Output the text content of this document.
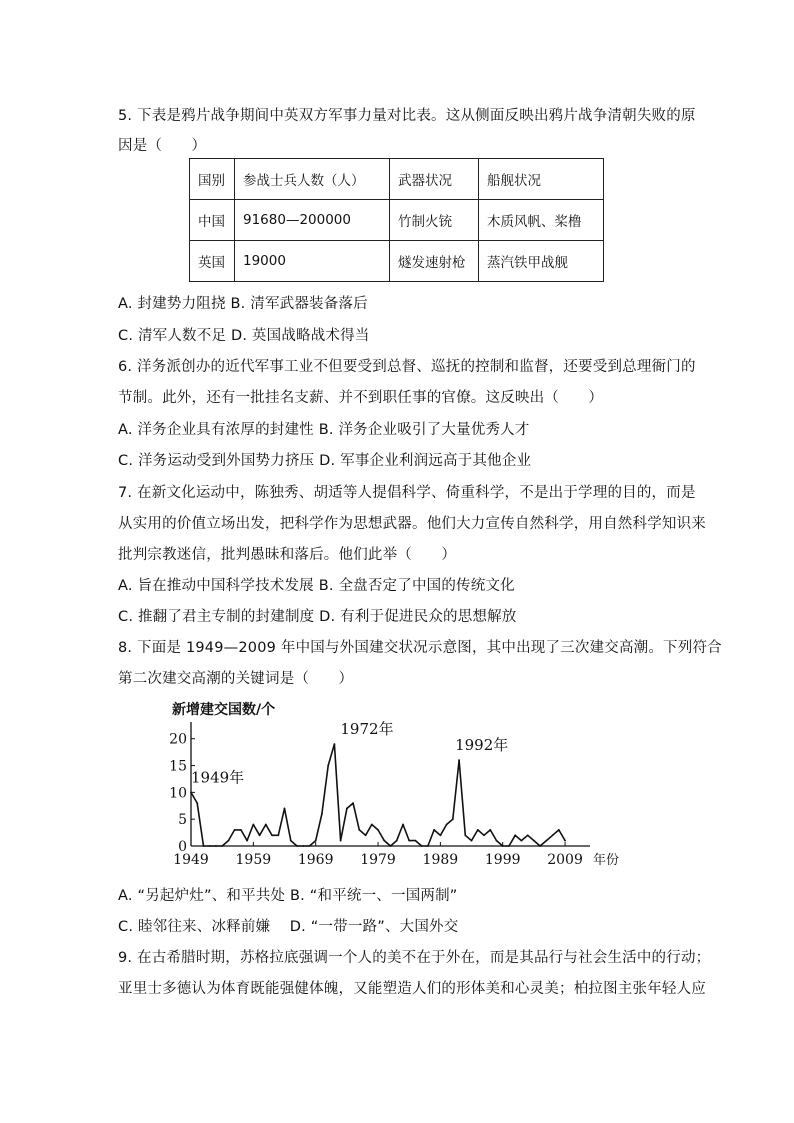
5. 下表是鸦片战争期间中英双方军事力量对比表。这从侧面反映出鸦片战争清朝失败的原
因是（　　）
国别	参战士兵人数（人）	武器状况	船舰状况
中国	91680—200000	竹制火铳	木质风帆、桨橹
英国	19000	燧发速射枪	蒸汽铁甲战舰
A. 封建势力阻挠 B. 清军武器装备落后
C. 清军人数不足 D. 英国战略战术得当
6. 洋务派创办的近代军事工业不但要受到总督、巡抚的控制和监督，还要受到总理衙门的
节制。此外，还有一批挂名支薪、并不到职任事的官僚。这反映出（　　）
A. 洋务企业具有浓厚的封建性 B. 洋务企业吸引了大量优秀人才
C. 洋务运动受到外国势力挤压 D. 军事企业利润远高于其他企业
7. 在新文化运动中，陈独秀、胡适等人提倡科学、倚重科学，不是出于学理的目的，而是
从实用的价值立场出发，把科学作为思想武器。他们大力宣传自然科学，用自然科学知识来
批判宗教迷信，批判愚昧和落后。他们此举（　　）
A. 旨在推动中国科学技术发展 B. 全盘否定了中国的传统文化
C. 推翻了君主专制的封建制度 D. 有利于促进民众的思想解放
8. 下面是 1949—2009 年中国与外国建交状况示意图，其中出现了三次建交高潮。下列符合
第二次建交高潮的关键词是（　　）
新增建交国数/个
年份
0
5
10
15
20
1949 1959 1969 1979 1989 1999 2009
1949年
1972年
1992年
A. “另起炉灶”、和平共处 B. “和平统一、一国两制”
C. 睦邻往来、冰释前嫌　 D. “一带一路”、大国外交
9. 在古希腊时期，苏格拉底强调一个人的美不在于外在，而是其品行与社会生活中的行动；
亚里士多德认为体育既能强健体魄，又能塑造人们的形体美和心灵美；柏拉图主张年轻人应
